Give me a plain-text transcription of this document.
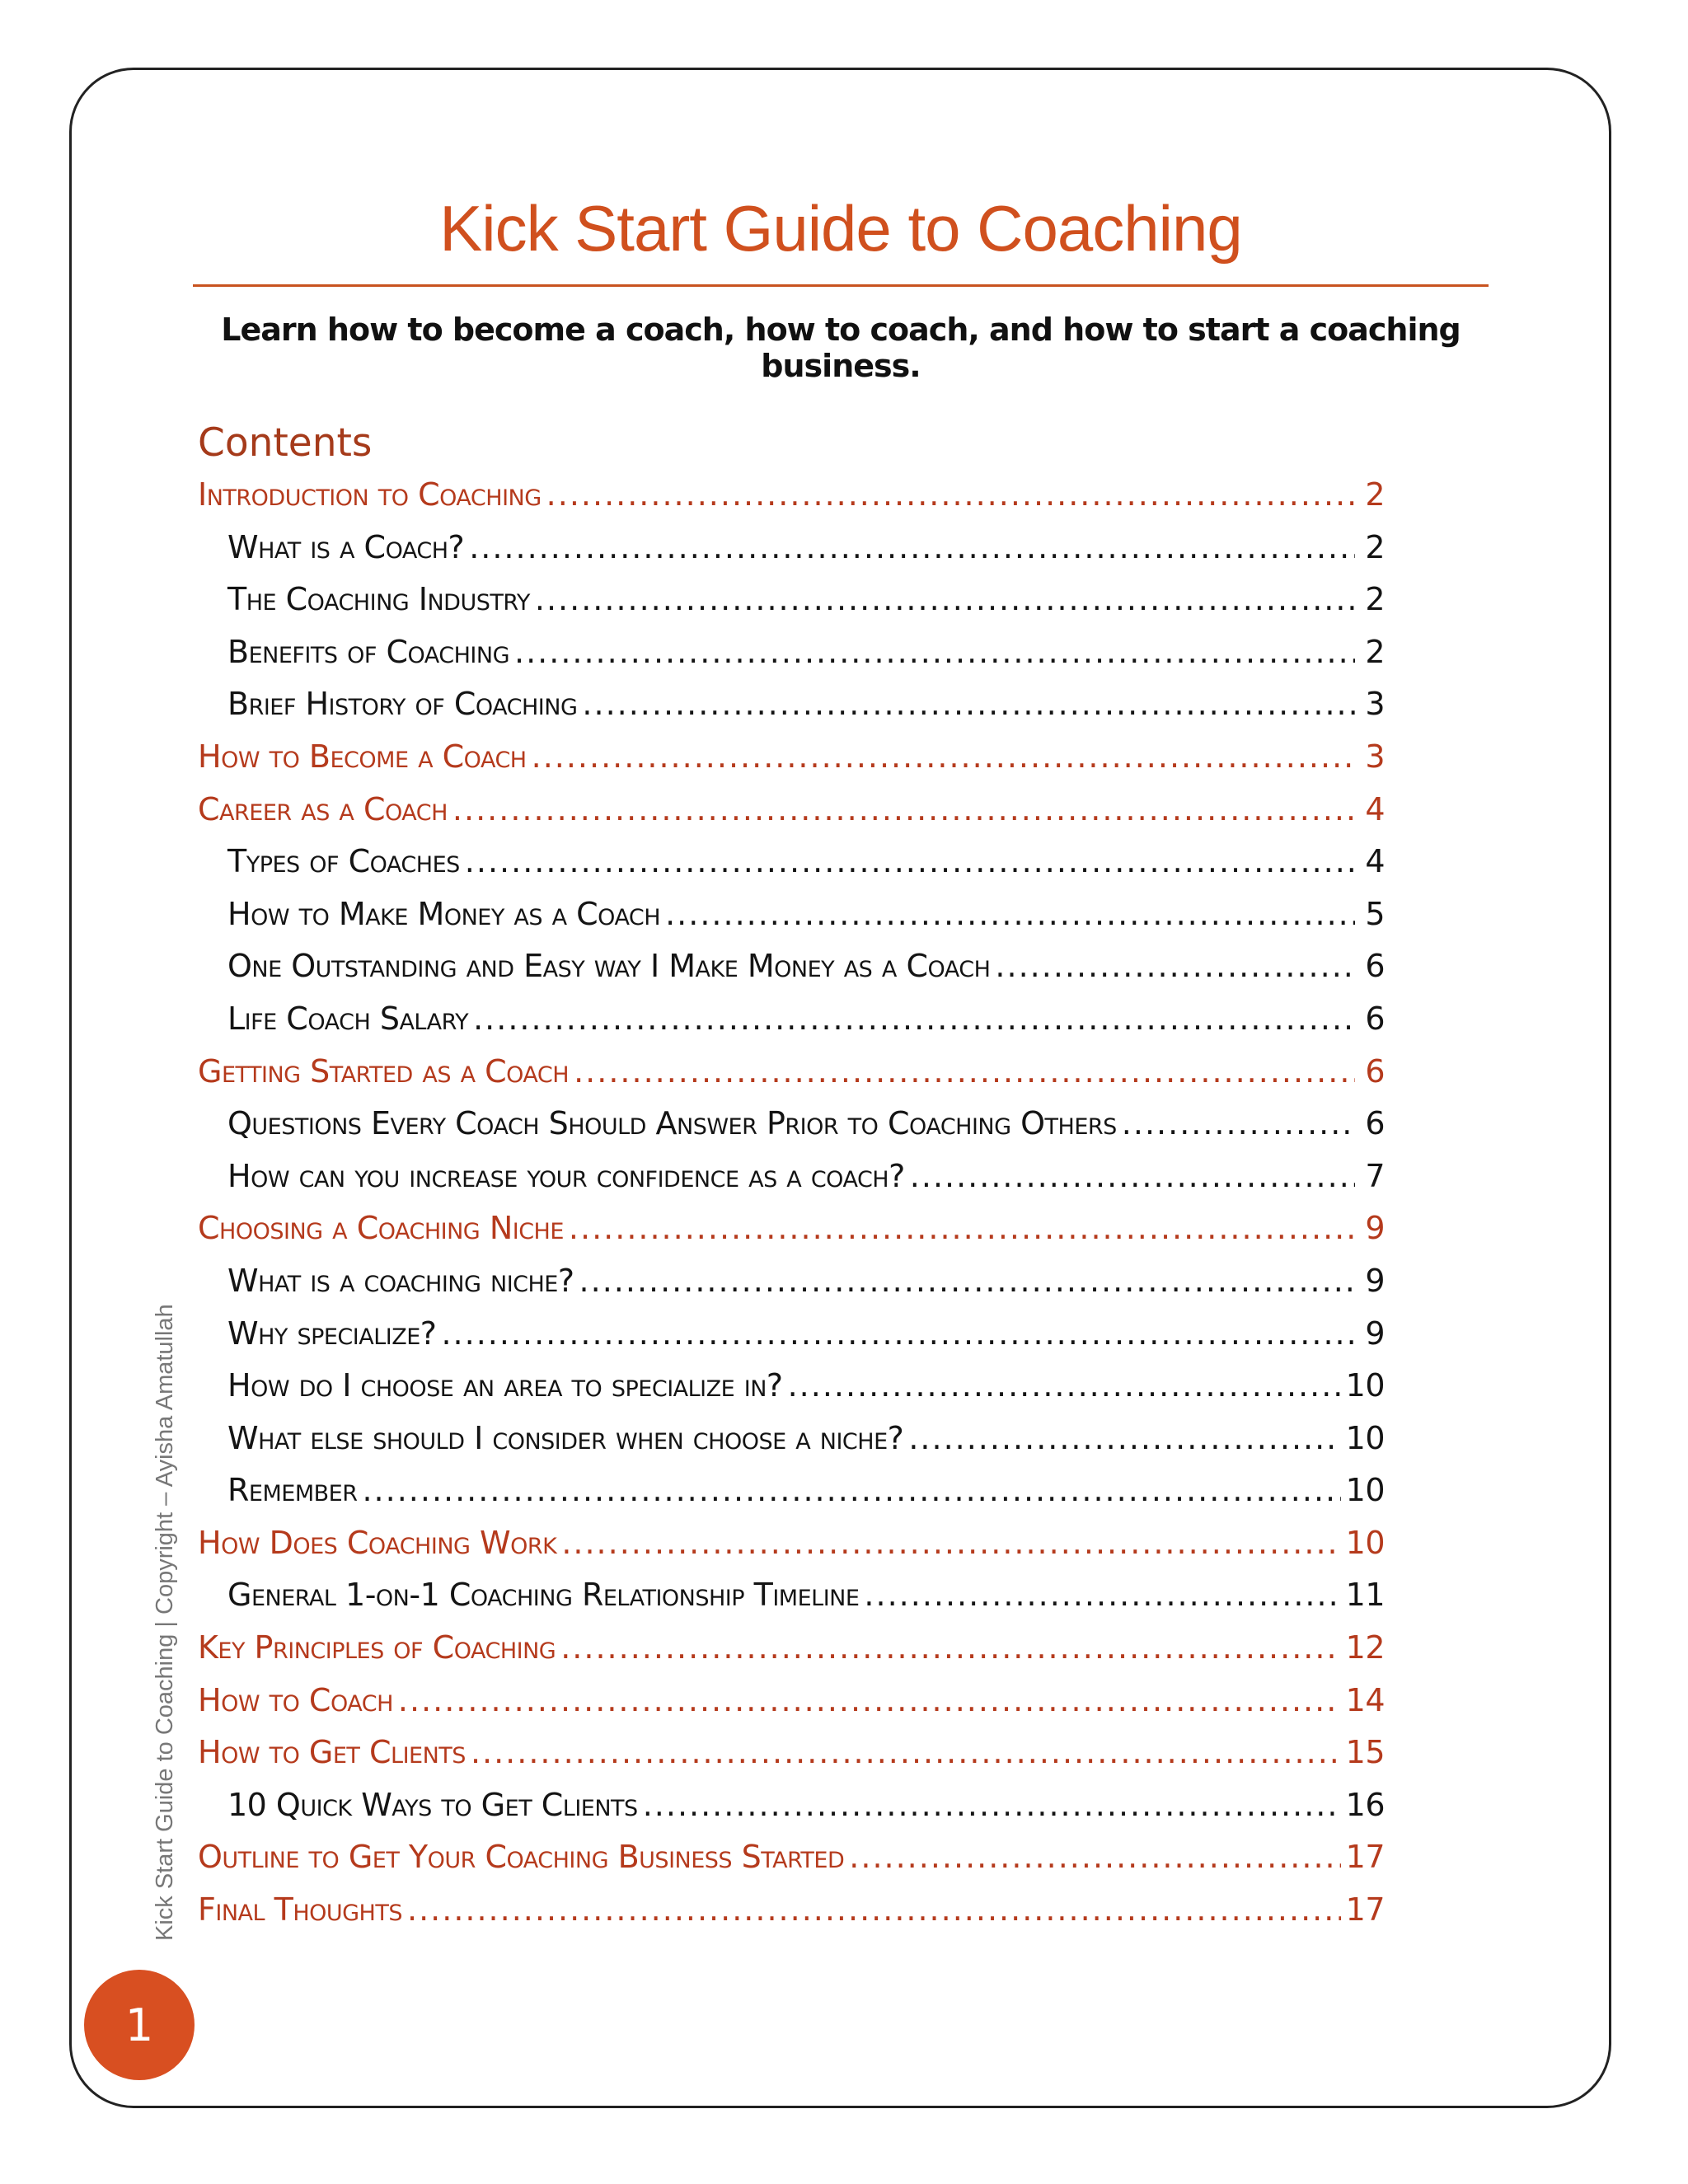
Kick Start Guide to Coaching
Learn how to become a coach, how to coach, and how to start a coaching business.
Contents
Introduction to Coaching .....	2
What is a Coach? .....	2
The Coaching Industry .....	2
Benefits of Coaching .....	2
Brief History of Coaching .....	3
How to Become a Coach .....	3
Career as a Coach .....	4
Types of Coaches .....	4
How to Make Money as a Coach .....	5
One Outstanding and Easy way I Make Money as a Coach .....	6
Life Coach Salary .....	6
Getting Started as a Coach .....	6
Questions Every Coach Should Answer Prior to Coaching Others .....	6
How can you increase your confidence as a coach? .....	7
Choosing a Coaching Niche .....	9
What is a coaching niche? .....	9
Why specialize? .....	9
How do I choose an area to specialize in? .....	10
What else should I consider when choose a niche? .....	10
Remember .....	10
How Does Coaching Work .....	10
General 1-on-1 Coaching Relationship Timeline .....	11
Key Principles of Coaching .....	12
How to Coach .....	14
How to Get Clients .....	15
10 Quick Ways to Get Clients .....	16
Outline to Get Your Coaching Business Started .....	17
Final Thoughts .....	17
Kick Start Guide to Coaching | Copyright – Ayisha Amatullah
1
